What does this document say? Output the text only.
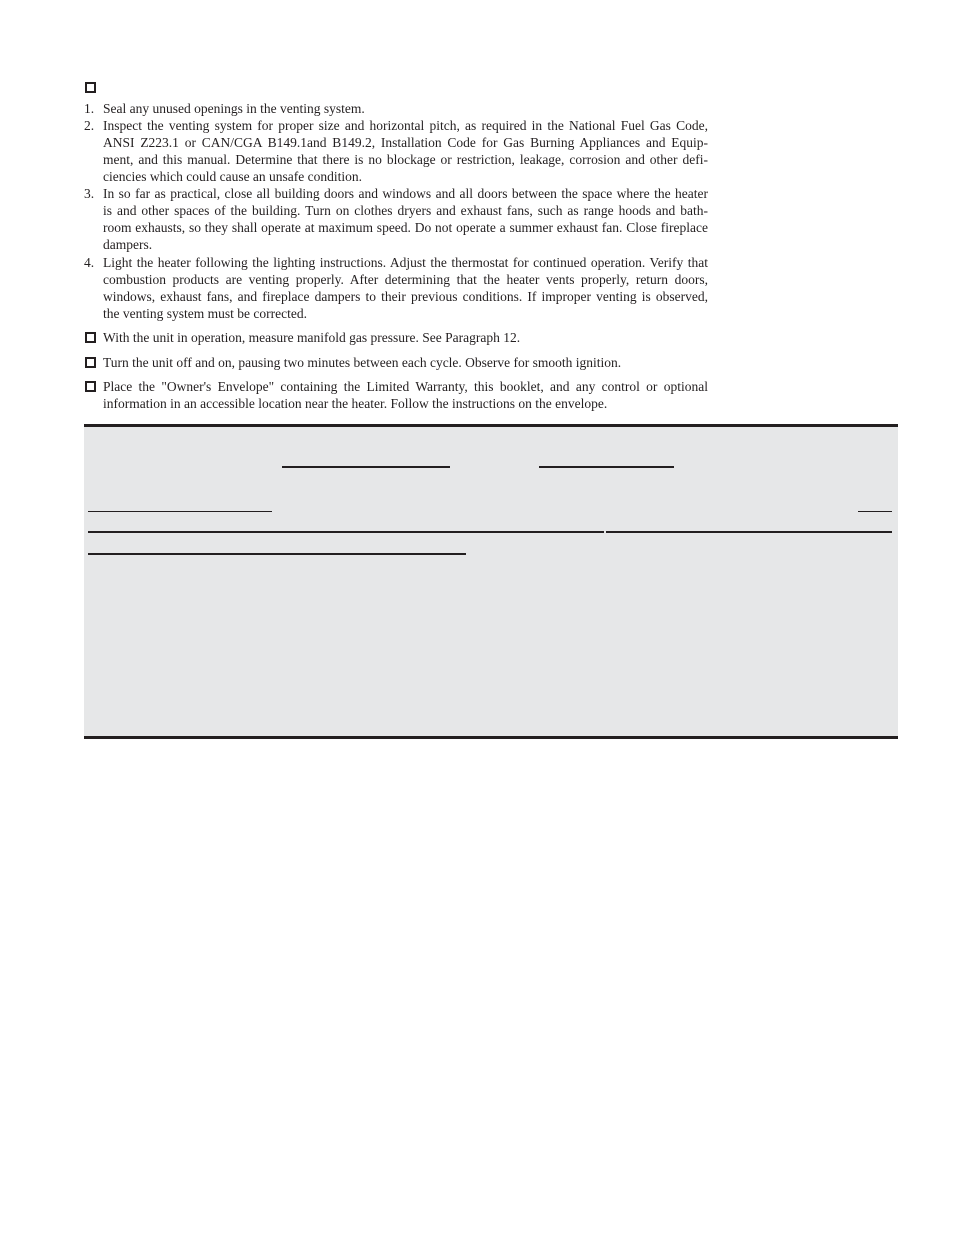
1. Seal any unused openings in the venting system.
2. Inspect the venting system for proper size and horizontal pitch, as required in the National Fuel Gas Code,
ANSI Z223.1 or CAN/CGA B149.1and B149.2, Installation Code for Gas Burning Appliances and Equip-
ment, and this manual. Determine that there is no blockage or restriction, leakage, corrosion and other defi-
ciencies which could cause an unsafe condition.
3. In so far as practical, close all building doors and windows and all doors between the space where the heater
is and other spaces of the building. Turn on clothes dryers and exhaust fans, such as range hoods and bath-
room exhausts, so they shall operate at maximum speed. Do not operate a summer exhaust fan. Close fireplace
dampers.
4. Light the heater following the lighting instructions. Adjust the thermostat for continued operation. Verify that
combustion products are venting properly. After determining that the heater vents properly, return doors,
windows, exhaust fans, and fireplace dampers to their previous conditions. If improper venting is observed,
the venting system must be corrected.
With the unit in operation, measure manifold gas pressure. See Paragraph 12.
Turn the unit off and on, pausing two minutes between each cycle. Observe for smooth ignition.
Place the "Owner's Envelope" containing the Limited Warranty, this booklet, and any control or optional
information in an accessible location near the heater. Follow the instructions on the envelope.
